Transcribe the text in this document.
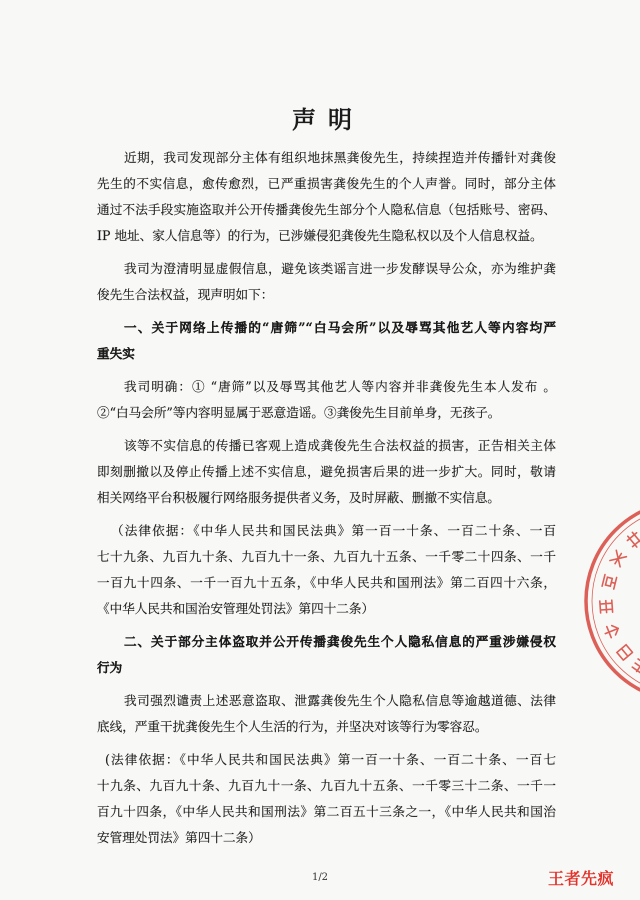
声明
近期，我司发现部分主体有组织地抹黑龚俊先生，持续捏造并传播针对龚俊
先生的不实信息，愈传愈烈，已严重损害龚俊先生的个人声誉。同时，部分主体
通过不法手段实施盗取并公开传播龚俊先生部分个人隐私信息（包括账号、密码、
IP 地址、家人信息等）的行为，已涉嫌侵犯龚俊先生隐私权以及个人信息权益。
我司为澄清明显虚假信息，避免该类谣言进一步发酵误导公众，亦为维护龚
俊先生合法权益，现声明如下：
一、关于网络上传播的“唐筛”“白马会所”以及辱骂其他艺人等内容均严
重失实
我司明确：① “唐筛”以及辱骂其他艺人等内容并非龚俊先生本人发布 。
②“白马会所”等内容明显属于恶意造谣。③龚俊先生目前单身，无孩子。
该等不实信息的传播已客观上造成龚俊先生合法权益的损害，正告相关主体
即刻删撤以及停止传播上述不实信息，避免损害后果的进一步扩大。同时，敬请
相关网络平台积极履行网络服务提供者义务，及时屏蔽、删撤不实信息。
（法律依据：《中华人民共和国民法典》第一百一十条、一百二十条、一百
七十九条、九百九十条、九百九十一条、九百九十五条、一千零二十四条、一千
一百九十四条、一千一百九十五条，《中华人民共和国刑法》第二百四十六条，
《中华人民共和国治安管理处罚法》第四十二条）
二、关于部分主体盗取并公开传播龚俊先生个人隐私信息的严重涉嫌侵权
行为
我司强烈谴责上述恶意盗取、泄露龚俊先生个人隐私信息等逾越道德、法律
底线，严重干扰龚俊先生个人生活的行为，并坚决对该等行为零容忍。
(法律依据：《中华人民共和国民法典》第一百一十条、一百二十条、一百七
十九条、九百九十条、九百九十一条、九百九十五条、一千零三十二条、一千一
百九十四条，《中华人民共和国刑法》第二百五十三条之一，《中华人民共和国治
安管理处罚法》第四十二条）
1/2	王者先疯
